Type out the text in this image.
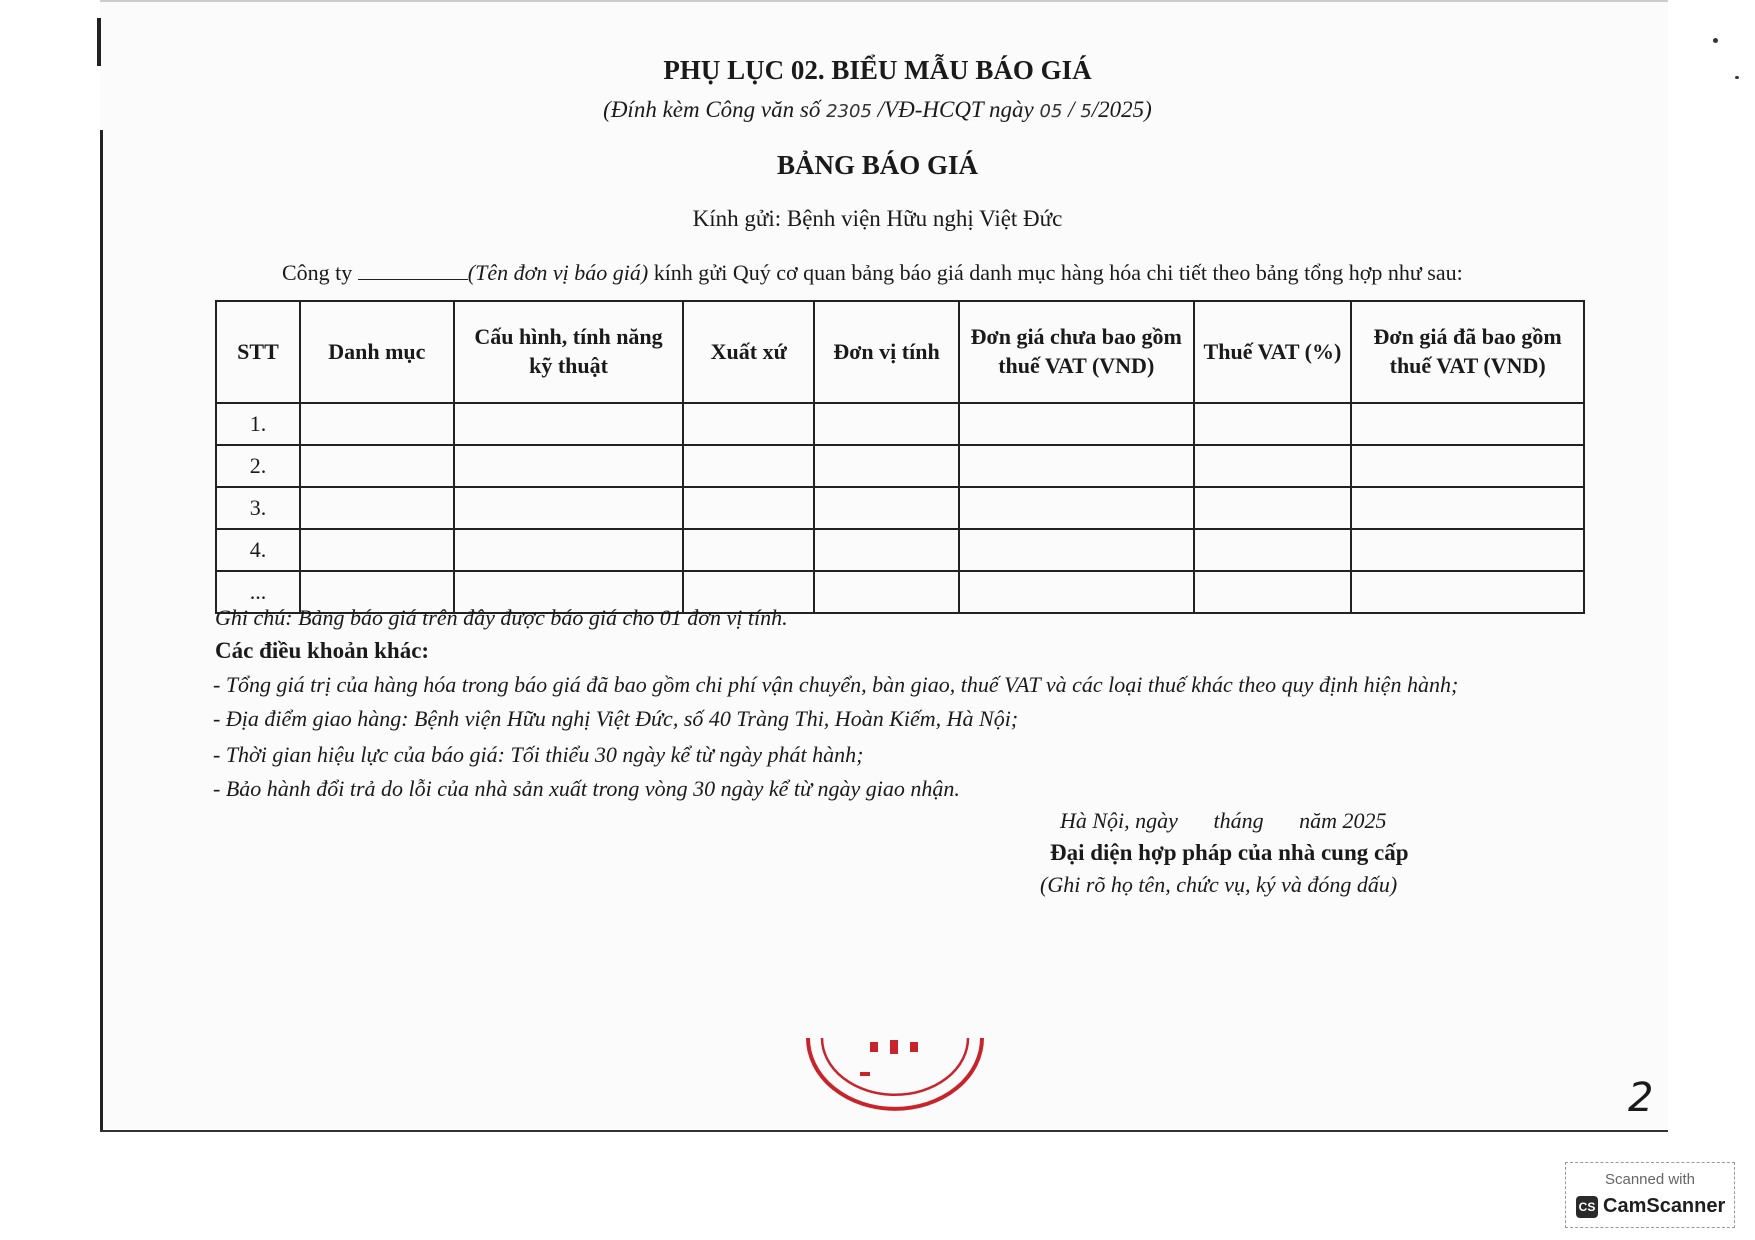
PHỤ LỤC 02. BIỂU MẪU BÁO GIÁ
(Đính kèm Công văn số 2305 /VĐ-HCQT ngày 05 / 5/2025)
BẢNG BÁO GIÁ
Kính gửi: Bệnh viện Hữu nghị Việt Đức
Công ty	(Tên đơn vị báo giá) kính gửi Quý cơ quan bảng báo giá danh mục hàng hóa chi tiết theo bảng tổng hợp như sau:
STT	Danh mục	Cấu hình, tính năng kỹ thuật	Xuất xứ	Đơn vị tính	Đơn giá chưa bao gồm thuế VAT (VND)	Thuế VAT (%)	Đơn giá đã bao gồm thuế VAT (VND)
1.							
2.							
3.							
4.							
...							
Ghi chú: Bảng báo giá trên đây được báo giá cho 01 đơn vị tính.
Các điều khoản khác:
- Tổng giá trị của hàng hóa trong báo giá đã bao gồm chi phí vận chuyển, bàn giao, thuế VAT và các loại thuế khác theo quy định hiện hành;
- Địa điểm giao hàng: Bệnh viện Hữu nghị Việt Đức, số 40 Tràng Thi, Hoàn Kiếm, Hà Nội;
- Thời gian hiệu lực của báo giá: Tối thiểu 30 ngày kể từ ngày phát hành;
- Bảo hành đổi trả do lỗi của nhà sản xuất trong vòng 30 ngày kể từ ngày giao nhận.
Hà Nội, ngày tháng năm 2025
Đại diện hợp pháp của nhà cung cấp
(Ghi rõ họ tên, chức vụ, ký và đóng dấu)
2
Scanned with
CS CamScanner
